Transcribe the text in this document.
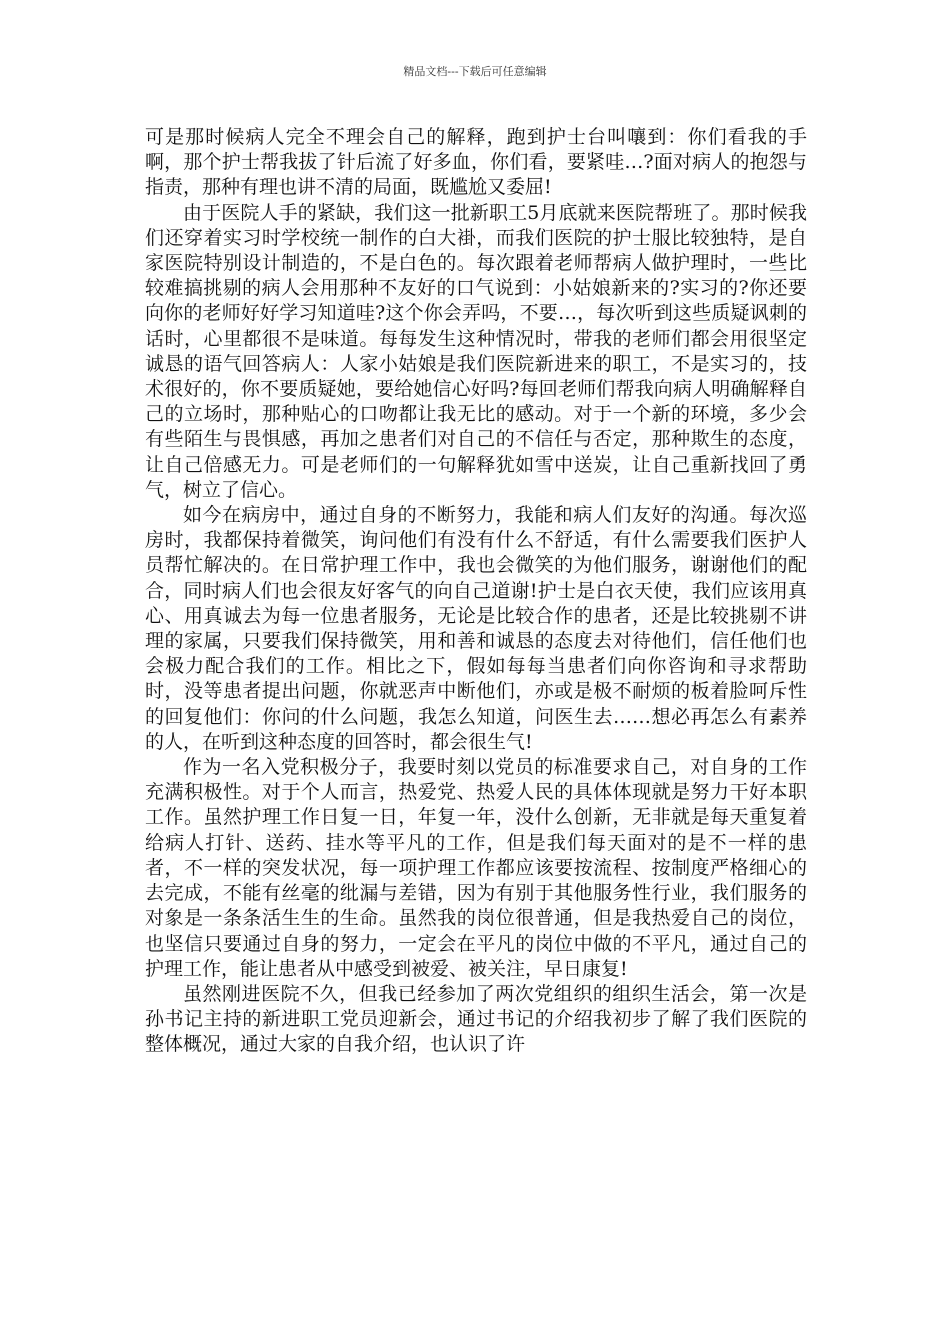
精品文档---下载后可任意编辑

可是那时候病人完全不理会自己的解释，跑到护士台叫嚷到：你们看我的手啊，那个护士帮我拔了针后流了好多血，你们看，要紧哇…?面对病人的抱怨与指责，那种有理也讲不清的局面，既尴尬又委屈!

由于医院人手的紧缺，我们这一批新职工5月底就来医院帮班了。那时候我们还穿着实习时学校统一制作的白大褂，而我们医院的护士服比较独特，是自家医院特别设计制造的，不是白色的。每次跟着老师帮病人做护理时，一些比较难搞挑剔的病人会用那种不友好的口气说到：小姑娘新来的?实习的?你还要向你的老师好好学习知道哇?这个你会弄吗，不要…，每次听到这些质疑讽刺的话时，心里都很不是味道。每每发生这种情况时，带我的老师们都会用很坚定诚恳的语气回答病人：人家小姑娘是我们医院新进来的职工，不是实习的，技术很好的，你不要质疑她，要给她信心好吗?每回老师们帮我向病人明确解释自己的立场时，那种贴心的口吻都让我无比的感动。对于一个新的环境，多少会有些陌生与畏惧感，再加之患者们对自己的不信任与否定，那种欺生的态度，让自己倍感无力。可是老师们的一句解释犹如雪中送炭，让自己重新找回了勇气，树立了信心。

如今在病房中，通过自身的不断努力，我能和病人们友好的沟通。每次巡房时，我都保持着微笑，询问他们有没有什么不舒适，有什么需要我们医护人员帮忙解决的。在日常护理工作中，我也会微笑的为他们服务，谢谢他们的配合，同时病人们也会很友好客气的向自己道谢!护士是白衣天使，我们应该用真心、用真诚去为每一位患者服务，无论是比较合作的患者，还是比较挑剔不讲理的家属，只要我们保持微笑，用和善和诚恳的态度去对待他们，信任他们也会极力配合我们的工作。相比之下，假如每每当患者们向你咨询和寻求帮助时，没等患者提出问题，你就恶声中断他们，亦或是极不耐烦的板着脸呵斥性的回复他们：你问的什么问题，我怎么知道，问医生去……想必再怎么有素养的人，在听到这种态度的回答时，都会很生气!

作为一名入党积极分子，我要时刻以党员的标准要求自己，对自身的工作充满积极性。对于个人而言，热爱党、热爱人民的具体体现就是努力干好本职工作。虽然护理工作日复一日，年复一年，没什么创新，无非就是每天重复着给病人打针、送药、挂水等平凡的工作，但是我们每天面对的是不一样的患者，不一样的突发状况，每一项护理工作都应该要按流程、按制度严格细心的去完成，不能有丝毫的纰漏与差错，因为有别于其他服务性行业，我们服务的对象是一条条活生生的生命。虽然我的岗位很普通，但是我热爱自己的岗位，也坚信只要通过自身的努力，一定会在平凡的岗位中做的不平凡，通过自己的护理工作，能让患者从中感受到被爱、被关注，早日康复!

虽然刚进医院不久，但我已经参加了两次党组织的组织生活会，第一次是孙书记主持的新进职工党员迎新会，通过书记的介绍我初步了解了我们医院的整体概况，通过大家的自我介绍，也认识了许
